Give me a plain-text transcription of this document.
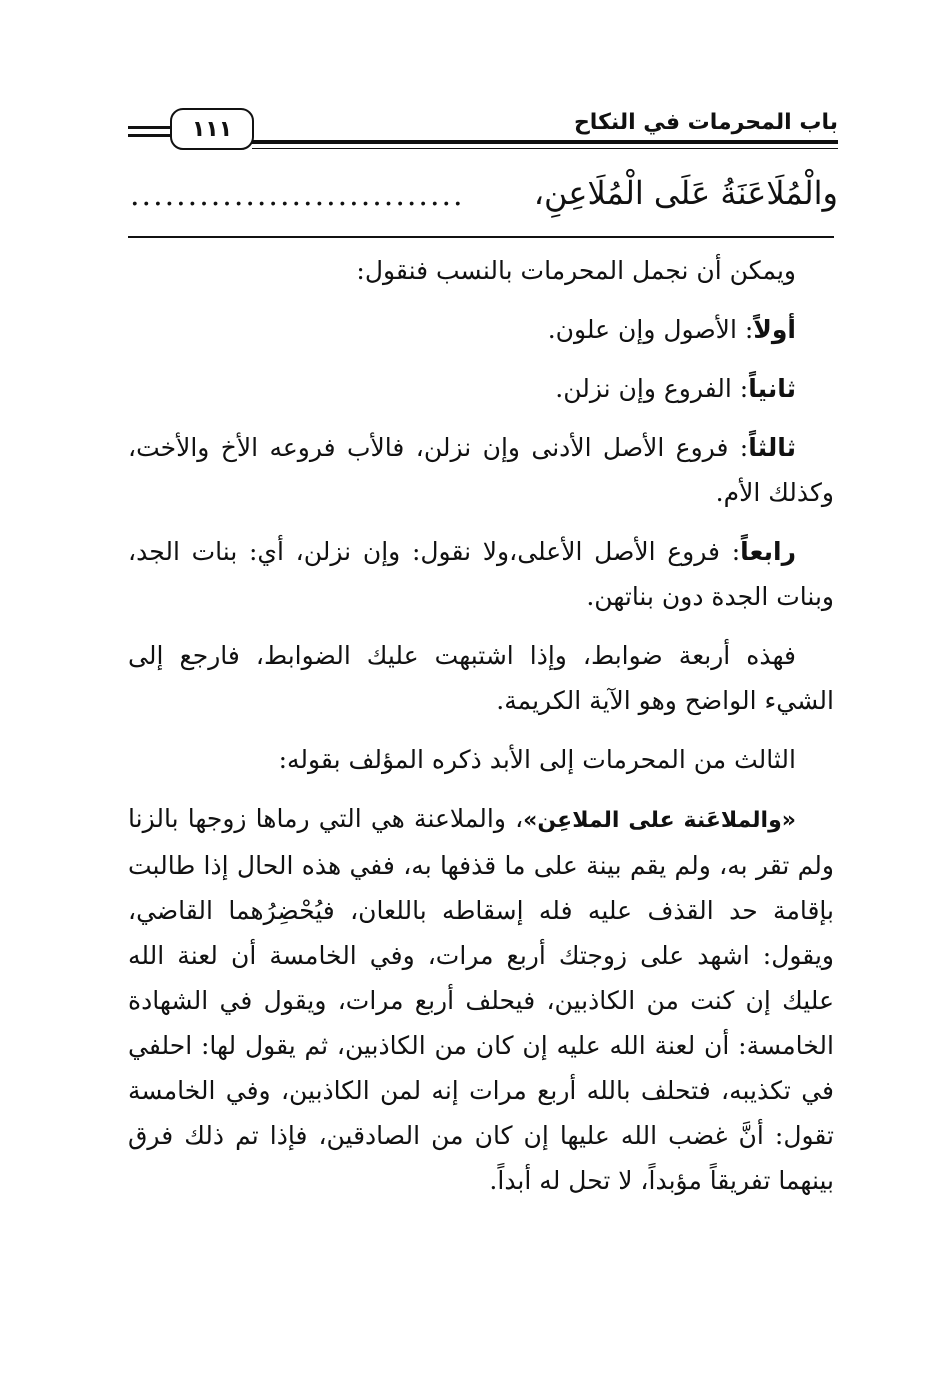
باب المحرمات في النكاح
١١١
والْمُلَاعَنَةُ عَلَى الْمُلَاعِنِ،
.............................

ويمكن أن نجمل المحرمات بالنسب فنقول:

أولاً: الأصول وإن علون.

ثانياً: الفروع وإن نزلن.

ثالثاً: فروع الأصل الأدنى وإن نزلن، فالأب فروعه الأخ والأخت، وكذلك الأم.

رابعاً: فروع الأصل الأعلى،ولا نقول: وإن نزلن، أي: بنات الجد، وبنات الجدة دون بناتهن.

فهذه أربعة ضوابط، وإذا اشتبهت عليك الضوابط، فارجع إلى الشيء الواضح وهو الآية الكريمة.

الثالث من المحرمات إلى الأبد ذكره المؤلف بقوله:

«والملاعَنة على الملاعِن»، والملاعنة هي التي رماها زوجها بالزنا ولم تقر به، ولم يقم بينة على ما قذفها به، ففي هذه الحال إذا طالبت بإقامة حد القذف عليه فله إسقاطه باللعان، فيُحْضِرُهما القاضي، ويقول: اشهد على زوجتك أربع مرات، وفي الخامسة أن لعنة الله عليك إن كنت من الكاذبين، فيحلف أربع مرات، ويقول في الشهادة الخامسة: أن لعنة الله عليه إن كان من الكاذبين، ثم يقول لها: احلفي في تكذيبه، فتحلف بالله أربع مرات إنه لمن الكاذبين، وفي الخامسة تقول: أنَّ غضب الله عليها إن كان من الصادقين، فإذا تم ذلك فرق بينهما تفريقاً مؤبداً، لا تحل له أبداً.
